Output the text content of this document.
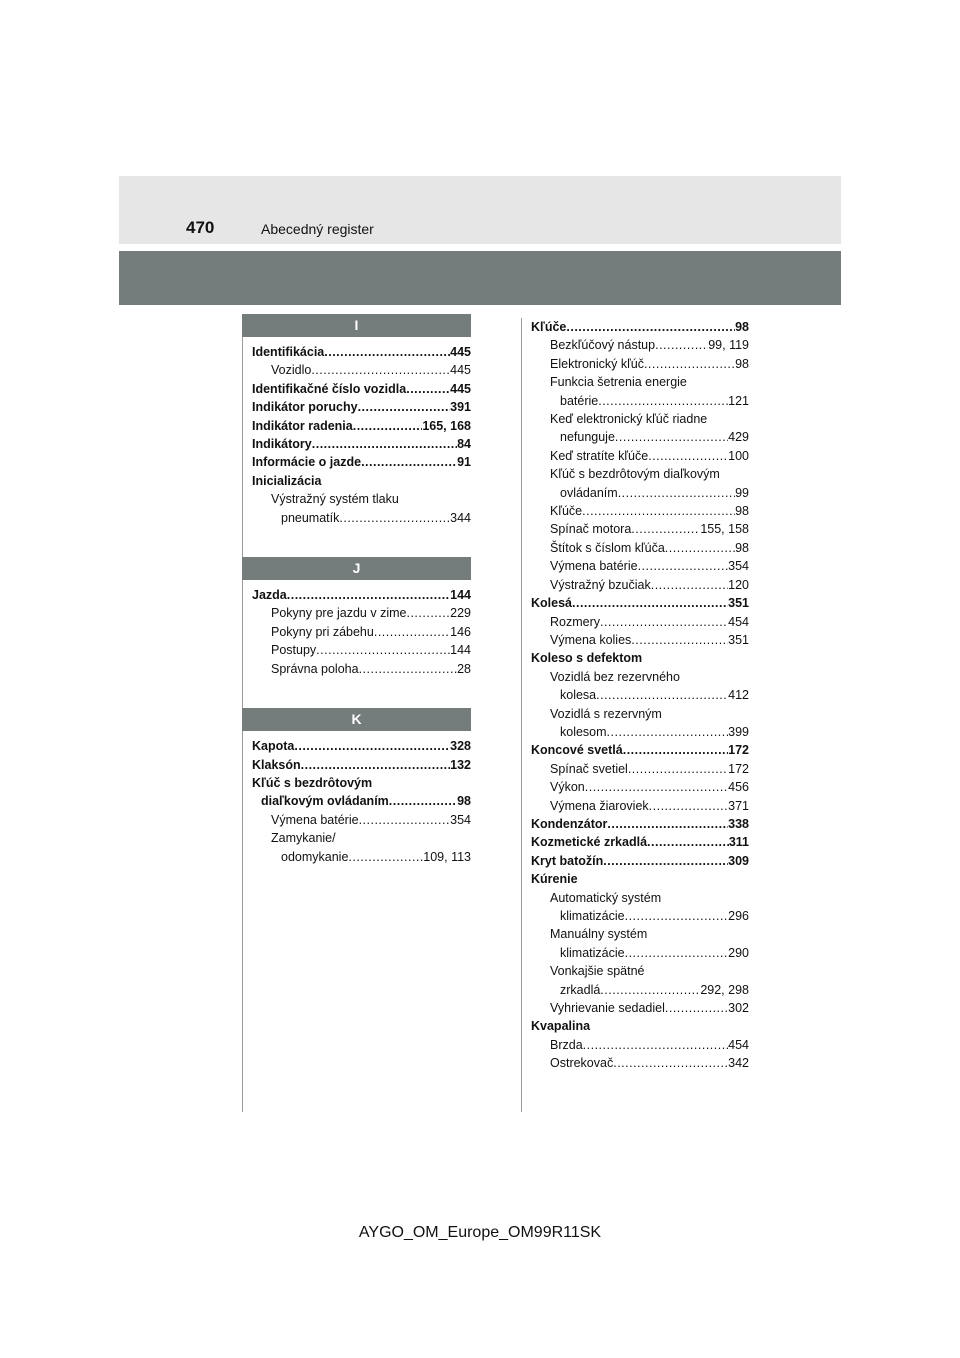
470	Abecedný register
I
Identifikácia .....	445
Vozidlo .....	445
Identifikačné číslo vozidla .....	445
Indikátor poruchy .....	391
Indikátor radenia .....	165, 168
Indikátory .....	84
Informácie o jazde .....	91
Inicializácia
Výstražný systém tlaku
pneumatík .....	344
J
Jazda .....	144
Pokyny pre jazdu v zime .....	229
Pokyny pri zábehu .....	146
Postupy .....	144
Správna poloha .....	28
K
Kapota .....	328
Klaksón .....	132
Kľúč s bezdrôtovým
diaľkovým ovládaním .....	98
Výmena batérie .....	354
Zamykanie/
odomykanie .....	109, 113
Kľúče .....	98
Bezkľúčový nástup .....	99, 119
Elektronický kľúč .....	98
Funkcia šetrenia energie
batérie .....	121
Keď elektronický kľúč riadne
nefunguje .....	429
Keď stratíte kľúče .....	100
Kľúč s bezdrôtovým diaľkovým
ovládaním .....	99
Kľúče .....	98
Spínač motora .....	155, 158
Štítok s číslom kľúča .....	98
Výmena batérie .....	354
Výstražný bzučiak .....	120
Kolesá .....	351
Rozmery .....	454
Výmena kolies .....	351
Koleso s defektom
Vozidlá bez rezervného
kolesa .....	412
Vozidlá s rezervným
kolesom .....	399
Koncové svetlá .....	172
Spínač svetiel .....	172
Výkon .....	456
Výmena žiaroviek .....	371
Kondenzátor .....	338
Kozmetické zrkadlá .....	311
Kryt batožín .....	309
Kúrenie
Automatický systém
klimatizácie .....	296
Manuálny systém
klimatizácie .....	290
Vonkajšie spätné
zrkadlá .....	292, 298
Vyhrievanie sedadiel .....	302
Kvapalina
Brzda .....	454
Ostrekovač .....	342
AYGO_OM_Europe_OM99R11SK
